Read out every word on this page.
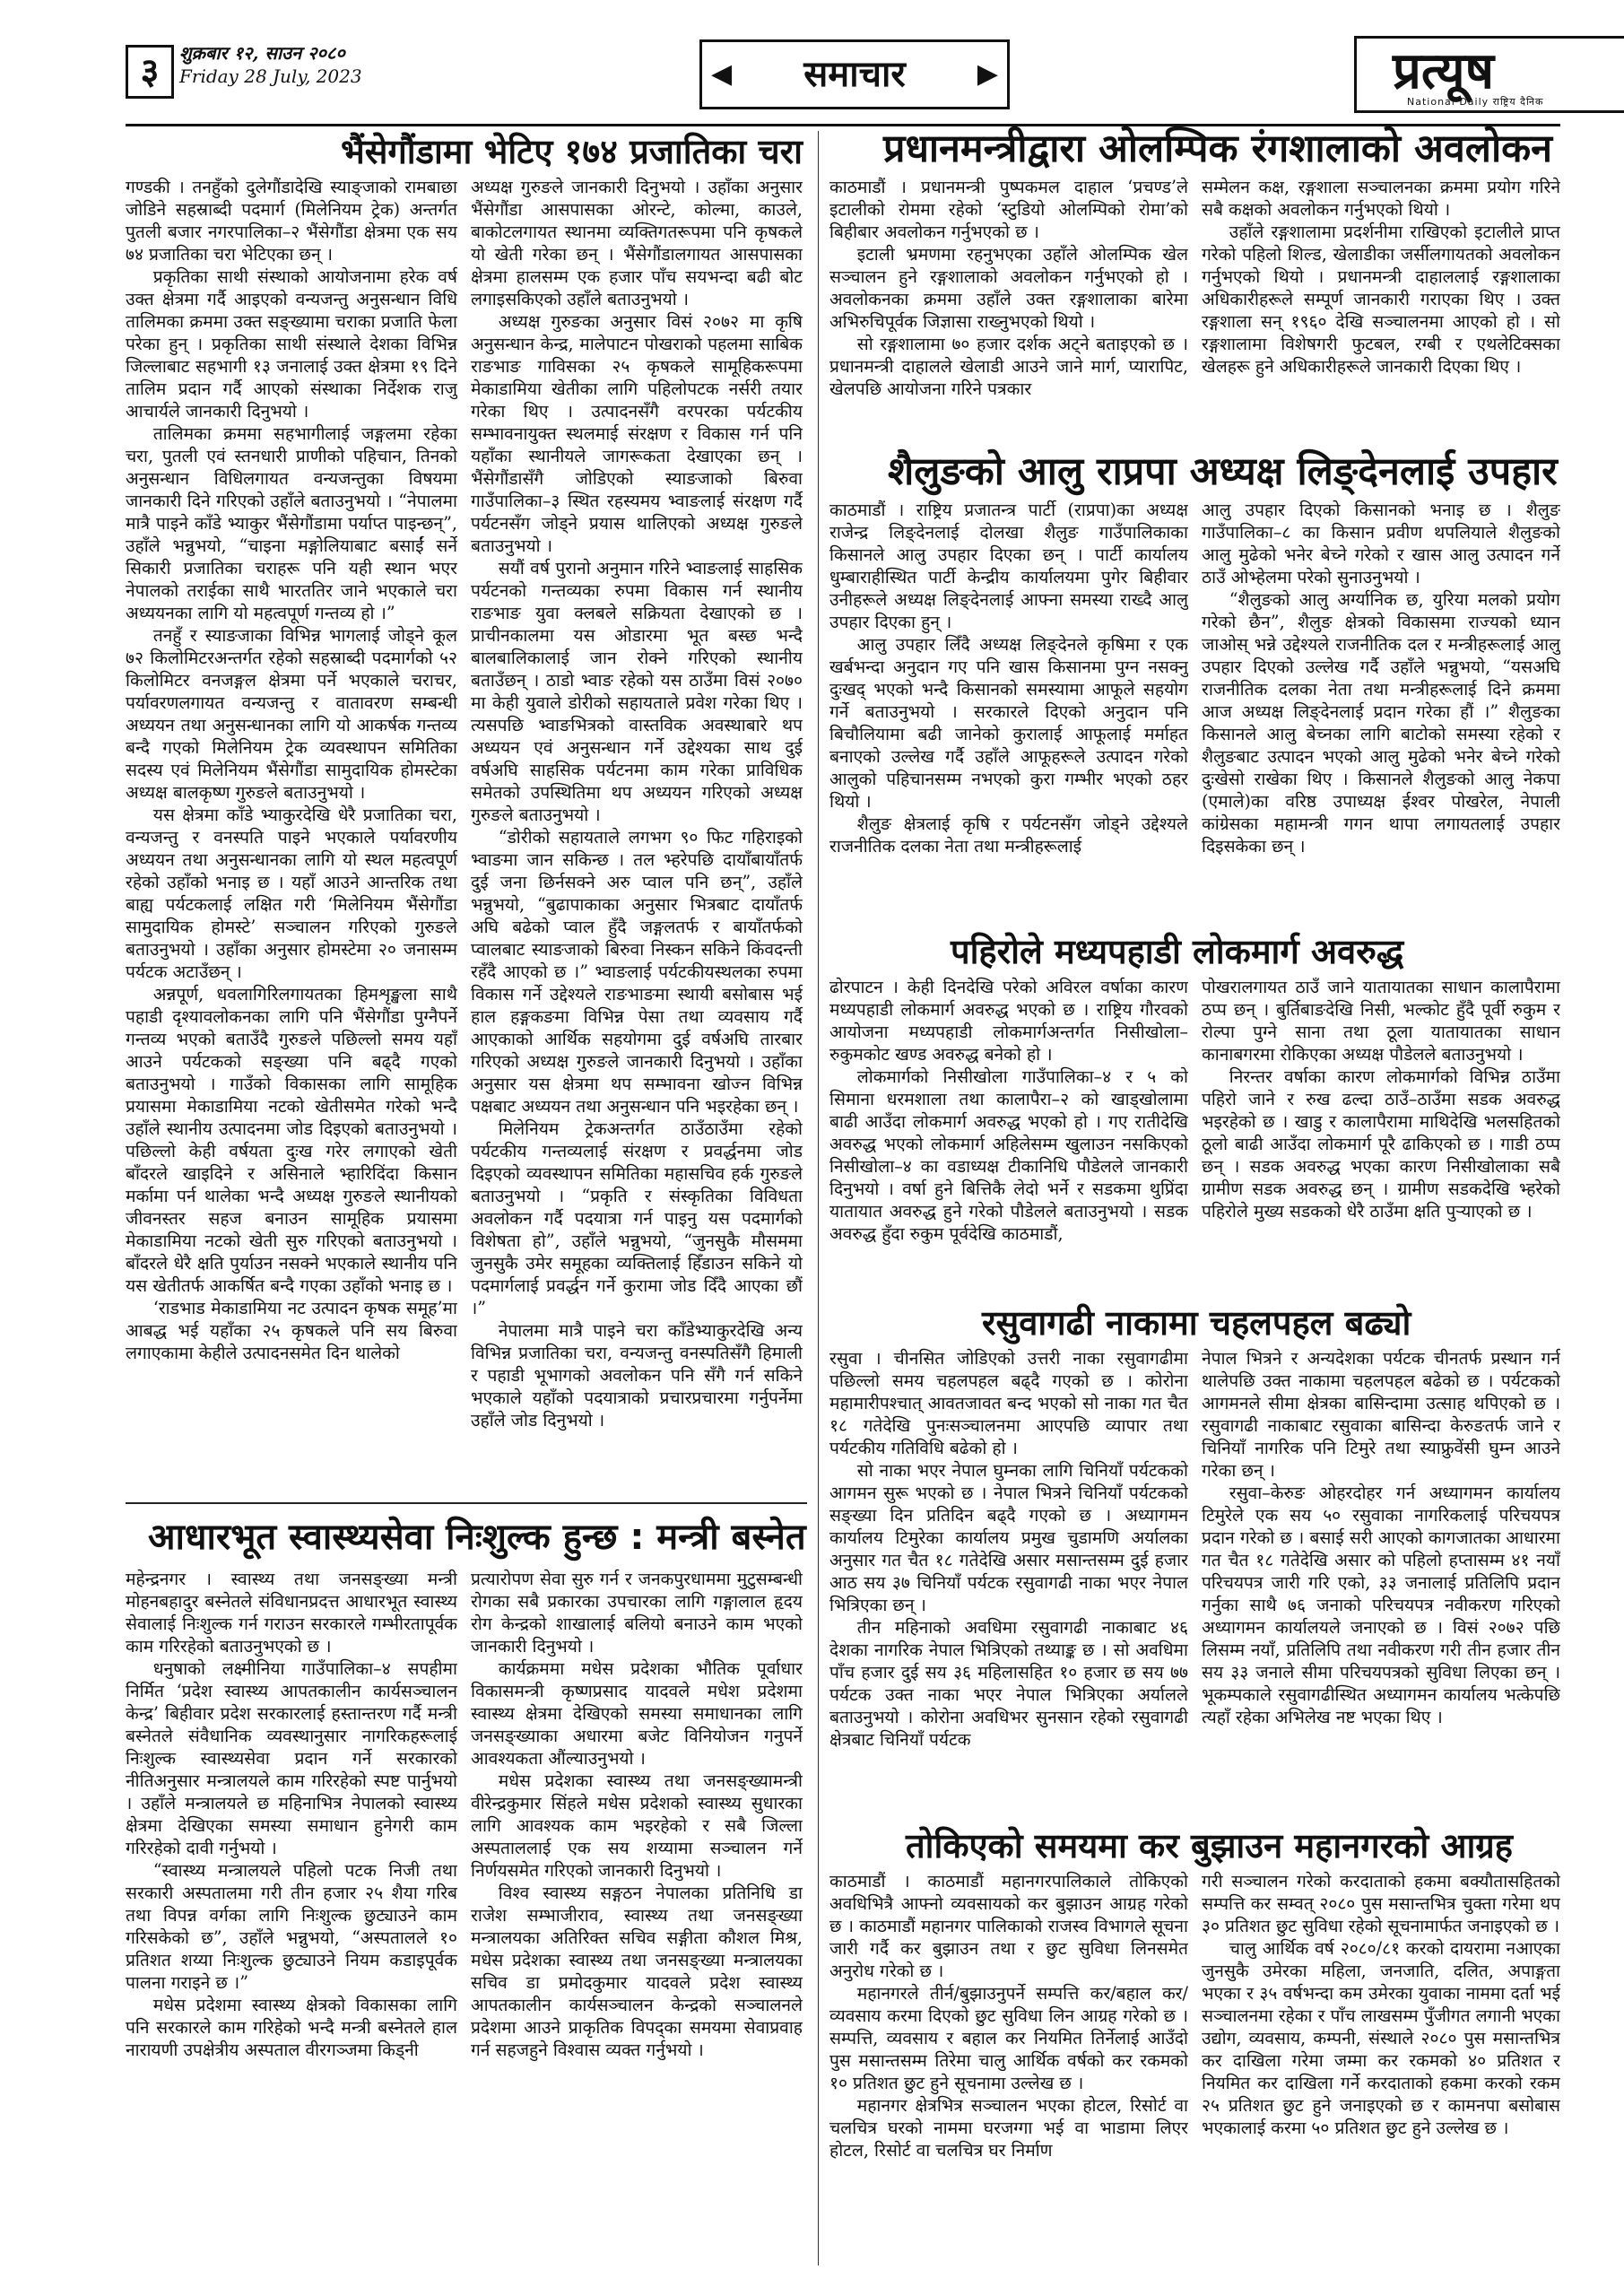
३	शुक्रबार १२, साउन २०८०
Friday 28 July, 2023	◀ समाचार	▶	प्रत्यूष
National Daily राष्ट्रिय दैनिक
भैंसेगौंडामा भेटिए १७४ प्रजातिका चरा

गण्डकी । तनहुँको दुलेगौंडादेखि स्याङ्जाको रामबाछा जोडिने सहस्राब्दी पदमार्ग (मिलेनियम ट्रेक) अन्तर्गत पुतली बजार नगरपालिका–२ भैंसेगौंडा क्षेत्रमा एक सय ७४ प्रजातिका चरा भेटिएका छन् ।
प्रकृतिका साथी संस्थाको आयोजनामा हरेक वर्ष उक्त क्षेत्रमा गर्दै आइएको वन्यजन्तु अनुसन्धान विधि तालिमका क्रममा उक्त सङ्ख्यामा चराका प्रजाति फेला परेका हुन् । प्रकृतिका साथी संस्थाले देशका विभिन्न जिल्लाबाट सहभागी १३ जनालाई उक्त क्षेत्रमा १९ दिने तालिम प्रदान गर्दै आएको संस्थाका निर्देशक राजु आचार्यले जानकारी दिनुभयो ।
तालिमका क्रममा सहभागीलाई जङ्गलमा रहेका चरा, पुतली एवं स्तनधारी प्राणीको पहिचान, तिनको अनुसन्धान विधिलगायत वन्यजन्तुका विषयमा जानकारी दिने गरिएको उहाँले बताउनुभयो । “नेपालमा मात्रै पाइने काँडे भ्याकुर भैंसेगौंडामा पर्याप्त पाइन्छन्”, उहाँले भन्नुभयो, “चाइना मङ्गोलियाबाट बसाईं सर्ने सिकारी प्रजातिका चराहरू पनि यही स्थान भएर नेपालको तराईका साथै भारततिर जाने भएकाले चरा अध्ययनका लागि यो महत्वपूर्ण गन्तव्य हो ।”
तनहुँ र स्याङजाका विभिन्न भागलाई जोड्ने कूल ७२ किलोमिटरअन्तर्गत रहेको सहस्राब्दी पदमार्गको ५२ किलोमिटर वनजङ्गल क्षेत्रमा पर्ने भएकाले चराचर, पर्यावरणलगायत वन्यजन्तु र वातावरण सम्बन्धी अध्ययन तथा अनुसन्धानका लागि यो आकर्षक गन्तव्य बन्दै गएको मिलेनियम ट्रेक व्यवस्थापन समितिका सदस्य एवं मिलेनियम भैंसेगौंडा सामुदायिक होमस्टेका अध्यक्ष बालकृष्ण गुरुङले बताउनुभयो ।
यस क्षेत्रमा काँडे भ्याकुरदेखि धेरै प्रजातिका चरा, वन्यजन्तु र वनस्पति पाइने भएकाले पर्यावरणीय अध्ययन तथा अनुसन्धानका लागि यो स्थल महत्वपूर्ण रहेको उहाँको भनाइ छ । यहाँ आउने आन्तरिक तथा बाह्य पर्यटकलाई लक्षित गरी ‘मिलेनियम भैंसेगौंडा सामुदायिक होमस्टे’ सञ्चालन गरिएको गुरुङले बताउनुभयो । उहाँका अनुसार होमस्टेमा २० जनासम्म पर्यटक अटाउँछन् ।
अन्नपूर्ण, धवलागिरिलगायतका हिमशृङ्खला साथै पहाडी दृश्यावलोकनका लागि पनि भैंसेगौंडा पुग्नैपर्ने गन्तव्य भएको बताउँदै गुरुङले पछिल्लो समय यहाँ आउने पर्यटकको सङ्ख्या पनि बढ्दै गएको बताउनुभयो । गाउँको विकासका लागि सामूहिक प्रयासमा मेकाडामिया नटको खेतीसमेत गरेको भन्दै उहाँले स्थानीय उत्पादनमा जोड दिइएको बताउनुभयो । पछिल्लो केही वर्षयता दुःख गरेर लगाएको खेती बाँदरले खाइदिने र असिनाले भ्हारिदिंदा किसान मर्कामा पर्न थालेका भन्दै अध्यक्ष गुरुङले स्थानीयको जीवनस्तर सहज बनाउन सामूहिक प्रयासमा मेकाडामिया नटको खेती सुरु गरिएको बताउनुभयो । बाँदरले धेरै क्षति पुर्याउन नसक्ने भएकाले स्थानीय पनि यस खेतीतर्फ आकर्षित बन्दै गएका उहाँको भनाइ छ ।
‘राडभाड मेकाडामिया नट उत्पादन कृषक समूह’मा आबद्ध भई यहाँका २५ कृषकले पनि सय बिरुवा लगाएकामा केहीले उत्पादनसमेत दिन थालेको

अध्यक्ष गुरुङले जानकारी दिनुभयो । उहाँका अनुसार भैंसेगौंडा आसपासका ओरन्टे, कोल्मा, काउले, बाकोटलगायत स्थानमा व्यक्तिगतरूपमा पनि कृषकले यो खेती गरेका छन् । भैंसेगौंडालगायत आसपासका क्षेत्रमा हालसम्म एक हजार पाँच सयभन्दा बढी बोट लगाइसकिएको उहाँले बताउनुभयो ।
अध्यक्ष गुरुङका अनुसार विसं २०७२ मा कृषि अनुसन्धान केन्द्र, मालेपाटन पोखराको पहलमा साबिक राङभाङ गाविसका २५ कृषकले सामूहिकरूपमा मेकाडामिया खेतीका लागि पहिलोपटक नर्सरी तयार गरेका थिए । उत्पादनसँगै वरपरका पर्यटकीय सम्भावनायुक्त स्थलमाई संरक्षण र विकास गर्न पनि यहाँका स्थानीयले जागरूकता देखाएका छन् । भैंसेगौंडासँगै जोडिएको स्याङजाको बिरुवा गाउँपालिका–३ स्थित रहस्यमय भ्वाङलाई संरक्षण गर्दै पर्यटनसँग जोड्ने प्रयास थालिएको अध्यक्ष गुरुङले बताउनुभयो ।
सयौं वर्ष पुरानो अनुमान गरिने भ्वाङलाई साहसिक पर्यटनको गन्तव्यका रुपमा विकास गर्न स्थानीय राङभाङ युवा क्लबले सक्रियता देखाएको छ । प्राचीनकालमा यस ओडारमा भूत बस्छ भन्दै बालबालिकालाई जान रोक्ने गरिएको स्थानीय बताउँछन् । ठाडो भ्वाङ रहेको यस ठाउँमा विसं २०७० मा केही युवाले डोरीको सहायताले प्रवेश गरेका थिए । त्यसपछि भ्वाङभित्रको वास्तविक अवस्थाबारे थप अध्ययन एवं अनुसन्धान गर्ने उद्देश्यका साथ दुई वर्षअघि साहसिक पर्यटनमा काम गरेका प्राविधिक समेतको उपस्थितिमा थप अध्ययन गरिएको अध्यक्ष गुरुङले बताउनुभयो ।
“डोरीको सहायताले लगभग ९० फिट गहिराइको भ्वाङमा जान सकिन्छ । तल भ्हरेपछि दायाँबायाँतर्फ दुई जना छिर्नसक्ने अरु प्वाल पनि छन्”, उहाँले भन्नुभयो, “बुढापाकाका अनुसार भित्रबाट दायाँतर्फ अघि बढेको प्वाल हुँदै जङ्गलतर्फ र बायाँतर्फको प्वालबाट स्याङजाको बिरुवा निस्कन सकिने किंवदन्ती रहँदै आएको छ ।” भ्वाङलाई पर्यटकीयस्थलका रुपमा विकास गर्ने उद्देश्यले राङभाङमा स्थायी बसोबास भई हाल हङ्गकङमा विभिन्न पेसा तथा व्यवसाय गर्दै आएकाको आर्थिक सहयोगमा दुई वर्षअघि तारबार गरिएको अध्यक्ष गुरुङले जानकारी दिनुभयो । उहाँका अनुसार यस क्षेत्रमा थप सम्भावना खोज्न विभिन्न पक्षबाट अध्ययन तथा अनुसन्धान पनि भइरहेका छन् ।
मिलेनियम ट्रेकअन्तर्गत ठाउँठाउँमा रहेको पर्यटकीय गन्तव्यलाई संरक्षण र प्रवर्द्धनमा जोड दिइएको व्यवस्थापन समितिका महासचिव हर्क गुरुङले बताउनुभयो । “प्रकृति र संस्कृतिका विविधता अवलोकन गर्दै पदयात्रा गर्न पाइनु यस पदमार्गको विशेषता हो”, उहाँले भन्नुभयो, “जुनसुकै मौसममा जुनसुकै उमेर समूहका व्यक्तिलाई हिँडाउन सकिने यो पदमार्गलाई प्रवर्द्धन गर्ने कुरामा जोड दिँदै आएका छौं ।”
नेपालमा मात्रै पाइने चरा काँडेभ्याकुरदेखि अन्य विभिन्न प्रजातिका चरा, वन्यजन्तु वनस्पतिसँगै हिमाली र पहाडी भूभागको अवलोकन पनि सँगै गर्न सकिने भएकाले यहाँको पदयात्राको प्रचारप्रचारमा गर्नुपर्नेमा उहाँले जोड दिनुभयो ।

आधारभूत स्वास्थ्यसेवा निःशुल्क हुन्छ : मन्त्री बस्नेत

महेन्द्रनगर । स्वास्थ्य तथा जनसङ्ख्या मन्त्री मोहनबहादुर बस्नेतले संविधानप्रदत्त आधारभूत स्वास्थ्य सेवालाई निःशुल्क गर्न गराउन सरकारले गम्भीरतापूर्वक काम गरिरहेको बताउनुभएको छ ।
धनुषाको लक्ष्मीनिया गाउँपालिका–४ सपहीमा निर्मित ‘प्रदेश स्वास्थ्य आपतकालीन कार्यसञ्चालन केन्द्र’ बिहीवार प्रदेश सरकारलाई हस्तान्तरण गर्दै मन्त्री बस्नेतले संवैधानिक व्यवस्थानुसार नागरिकहरूलाई निःशुल्क स्वास्थ्यसेवा प्रदान गर्ने सरकारको नीतिअनुसार मन्त्रालयले काम गरिरहेको स्पष्ट पार्नुभयो । उहाँले मन्त्रालयले छ महिनाभित्र नेपालको स्वास्थ्य क्षेत्रमा देखिएका समस्या समाधान हुनेगरी काम गरिरहेको दावी गर्नुभयो ।
“स्वास्थ्य मन्त्रालयले पहिलो पटक निजी तथा सरकारी अस्पतालमा गरी तीन हजार २५ शैया गरिब तथा विपन्न वर्गका लागि निःशुल्क छुट्याउने काम गरिसकेको छ”, उहाँले भन्नुभयो, “अस्पतालले १० प्रतिशत शय्या निःशुल्क छुट्याउने नियम कडाइपूर्वक पालना गराइने छ ।”
मधेस प्रदेशमा स्वास्थ्य क्षेत्रको विकासका लागि पनि सरकारले काम गरिहेको भन्दै मन्त्री बस्नेतले हाल नारायणी उपक्षेत्रीय अस्पताल वीरगञ्जमा किड्नी

प्रत्यारोपण सेवा सुरु गर्न र जनकपुरधाममा मुटुसम्बन्धी रोगका सबै प्रकारका उपचारका लागि गङ्गालाल हृदय रोग केन्द्रको शाखालाई बलियो बनाउने काम भएको जानकारी दिनुभयो ।
कार्यक्रममा मधेस प्रदेशका भौतिक पूर्वाधार विकासमन्त्री कृष्णप्रसाद यादवले मधेश प्रदेशमा स्वास्थ्य क्षेत्रमा देखिएको समस्या समाधानका लागि जनसङ्ख्याका अधारमा बजेट विनियोजन गनुपर्ने आवश्यकता औंल्याउनुभयो ।
मधेस प्रदेशका स्वास्थ्य तथा जनसङ्ख्यामन्त्री वीरेन्द्रकुमार सिंहले मधेस प्रदेशको स्वास्थ्य सुधारका लागि आवश्यक काम भइरहेको र सबै जिल्ला अस्पताललाई एक सय शय्यामा सञ्चालन गर्ने निर्णयसमेत गरिएको जानकारी दिनुभयो ।
विश्व स्वास्थ्य सङ्गठन नेपालका प्रतिनिधि डा राजेश सम्भाजीराव, स्वास्थ्य तथा जनसङ्ख्या मन्त्रालयका अतिरिक्त सचिव सङ्गीता कौशल मिश्र, मधेस प्रदेशका स्वास्थ्य तथा जनसङ्ख्या मन्त्रालयका सचिव डा प्रमोदकुमार यादवले प्रदेश स्वास्थ्य आपतकालीन कार्यसञ्चालन केन्द्रको सञ्चालनले प्रदेशमा आउने प्राकृतिक विपद्का समयमा सेवाप्रवाह गर्न सहजहुने विश्वास व्यक्त गर्नुभयो ।

प्रधानमन्त्रीद्वारा ओलम्पिक रंगशालाको अवलोकन

काठमाडौं । प्रधानमन्त्री पुष्पकमल दाहाल ‘प्रचण्ड’ले इटालीको रोममा रहेको ‘स्टुडियो ओलम्पिको रोमा’को बिहीबार अवलोकन गर्नुभएको छ ।
इटाली भ्रमणमा रहनुभएका उहाँले ओलम्पिक खेल सञ्चालन हुने रङ्गशालाको अवलोकन गर्नुभएको हो । अवलोकनका क्रममा उहाँले उक्त रङ्गशालाका बारेमा अभिरुचिपूर्वक जिज्ञासा राख्नुभएको थियो ।
सो रङ्गशालामा ७० हजार दर्शक अट्ने बताइएको छ । प्रधानमन्त्री दाहालले खेलाडी आउने जाने मार्ग, प्यारापिट, खेलपछि आयोजना गरिने पत्रकार

सम्मेलन कक्ष, रङ्गशाला सञ्चालनका क्रममा प्रयोग गरिने सबै कक्षको अवलोकन गर्नुभएको थियो ।
उहाँले रङ्गशालामा प्रदर्शनीमा राखिएको इटालीले प्राप्त गरेको पहिलो शिल्ड, खेलाडीका जर्सीलगायतको अवलोकन गर्नुभएको थियो । प्रधानमन्त्री दाहाललाई रङ्गशालाका अधिकारीहरूले सम्पूर्ण जानकारी गराएका थिए । उक्त रङ्गशाला सन् १९६० देखि सञ्चालनमा आएको हो । सो रङ्गशालामा विशेषगरी फुटबल, रग्बी र एथलेटिक्सका खेलहरू हुने अधिकारीहरूले जानकारी दिएका थिए ।

शैलुङको आलु राप्रपा अध्यक्ष लिङ्देनलाई उपहार

काठमाडौं । राष्ट्रिय प्रजातन्त्र पार्टी (राप्रपा)का अध्यक्ष राजेन्द्र लिङ्देनलाई दोलखा शैलुङ गाउँपालिकाका किसानले आलु उपहार दिएका छन् । पार्टी कार्यालय धुम्बाराहीस्थित पार्टी केन्द्रीय कार्यालयमा पुगेर बिहीवार उनीहरूले अध्यक्ष लिङ्देनलाई आफ्ना समस्या राख्दै आलु उपहार दिएका हुन् ।
आलु उपहार लिँदै अध्यक्ष लिङ्देनले कृषिमा र एक खर्बभन्दा अनुदान गए पनि खास किसानमा पुग्न नसक्नु दुःखद् भएको भन्दै किसानको समस्यामा आफूले सहयोग गर्ने बताउनुभयो । सरकारले दिएको अनुदान पनि बिचौलियामा बढी जानेको कुरालाई आफूलाई मर्माहत बनाएको उल्लेख गर्दै उहाँले आफूहरूले उत्पादन गरेको आलुको पहिचानसम्म नभएको कुरा गम्भीर भएको ठहर थियो ।
शैलुङ क्षेत्रलाई कृषि र पर्यटनसँग जोड्ने उद्देश्यले राजनीतिक दलका नेता तथा मन्त्रीहरूलाई

आलु उपहार दिएको किसानको भनाइ छ । शैलुङ गाउँपालिका–८ का किसान प्रवीण थपलियाले शैलुङको आलु मुढेको भनेर बेच्ने गरेको र खास आलु उत्पादन गर्ने ठाउँ ओभ्हेलमा परेको सुनाउनुभयो ।
“शैलुङको आलु अर्ग्यानिक छ, युरिया मलको प्रयोग गरेको छैन”, शैलुङ क्षेत्रको विकासमा राज्यको ध्यान जाओस् भन्ने उद्देश्यले राजनीतिक दल र मन्त्रीहरूलाई आलु उपहार दिएको उल्लेख गर्दै उहाँले भन्नुभयो, “यसअघि राजनीतिक दलका नेता तथा मन्त्रीहरूलाई दिने क्रममा आज अध्यक्ष लिङ्देनलाई प्रदान गरेका हौं ।” शैलुङका किसानले आलु बेच्नका लागि बाटोको समस्या रहेको र शैलुङबाट उत्पादन भएको आलु मुढेको भनेर बेच्ने गरेको दुःखेसो राखेका थिए । किसानले शैलुङको आलु नेकपा (एमाले)का वरिष्ठ उपाध्यक्ष ईश्वर पोखरेल, नेपाली कांग्रेसका महामन्त्री गगन थापा लगायतलाई उपहार दिइसकेका छन् ।

पहिरोले मध्यपहाडी लोकमार्ग अवरुद्ध

ढोरपाटन । केही दिनदेखि परेको अविरल वर्षाका कारण मध्यपहाडी लोकमार्ग अवरुद्ध भएको छ । राष्ट्रिय गौरवको आयोजना मध्यपहाडी लोकमार्गअन्तर्गत निसीखोला–रुकुमकोट खण्ड अवरुद्ध बनेको हो ।
लोकमार्गको निसीखोला गाउँपालिका–४ र ५ को सिमाना धरमशाला तथा कालापैरा–२ को खाड्खोलामा बाढी आउँदा लोकमार्ग अवरुद्ध भएको हो । गए रातीदेखि अवरुद्ध भएको लोकमार्ग अहिलेसम्म खुलाउन नसकिएको निसीखोला–४ का वडाध्यक्ष टीकानिधि पौडेलले जानकारी दिनुभयो । वर्षा हुने बित्तिकै लेदो भर्ने र सडकमा थुप्रिंदा यातायात अवरुद्ध हुने गरेको पौडेलले बताउनुभयो । सडक अवरुद्ध हुँदा रुकुम पूर्वदेखि काठमाडौं,

पोखरालगायत ठाउँ जाने यातायातका साधान कालापैरामा ठप्प छन् । बुर्तिबाङदेखि निसी, भल्कोट हुँदै पूर्वी रुकुम र रोल्पा पुग्ने साना तथा ठूला यातायातका साधान कानाबगरमा रोकिएका अध्यक्ष पौडेलले बताउनुभयो ।
निरन्तर वर्षाका कारण लोकमार्गको विभिन्न ठाउँमा पहिरो जाने र रुख ढल्दा ठाउँ–ठाउँमा सडक अवरुद्ध भइरहेको छ । खाडु र कालापैरामा माथिदेखि भलसहितको ठूलो बाढी आउँदा लोकमार्ग पूरै ढाकिएको छ । गाडी ठप्प छन् । सडक अवरुद्ध भएका कारण निसीखोलाका सबै ग्रामीण सडक अवरुद्ध छन् । ग्रामीण सडकदेखि भ्हरेको पहिरोले मुख्य सडकको धेरै ठाउँमा क्षति पुऱ्याएको छ ।

रसुवागढी नाकामा चहलपहल बढ्यो

रसुवा । चीनसित जोडिएको उत्तरी नाका रसुवागढीमा पछिल्लो समय चहलपहल बढ्दै गएको छ । कोरोना महामारीपश्चात् आवतजावत बन्द भएको सो नाका गत चैत १८ गतेदेखि पुनःसञ्चालनमा आएपछि व्यापार तथा पर्यटकीय गतिविधि बढेको हो ।
सो नाका भएर नेपाल घुम्नका लागि चिनियाँ पर्यटकको आगमन सुरू भएको छ । नेपाल भित्रने चिनियाँ पर्यटकको सङ्ख्या दिन प्रतिदिन बढ्दै गएको छ । अध्यागमन कार्यालय टिमुरेका कार्यालय प्रमुख चुडामणि अर्यालका अनुसार गत चैत १८ गतेदेखि असार मसान्तसम्म दुई हजार आठ सय ३७ चिनियाँ पर्यटक रसुवागढी नाका भएर नेपाल भित्रिएका छन् ।
तीन महिनाको अवधिमा रसुवागढी नाकाबाट ४६ देशका नागरिक नेपाल भित्रिएको तथ्याङ्क छ । सो अवधिमा पाँच हजार दुई सय ३६ महिलासहित १० हजार छ सय ७७ पर्यटक उक्त नाका भएर नेपाल भित्रिएका अर्यालले बताउनुभयो । कोरोना अवधिभर सुनसान रहेको रसुवागढी क्षेत्रबाट चिनियाँ पर्यटक

नेपाल भित्रने र अन्यदेशका पर्यटक चीनतर्फ प्रस्थान गर्न थालेपछि उक्त नाकामा चहलपहल बढेको छ । पर्यटकको आगमनले सीमा क्षेत्रका बासिन्दामा उत्साह थपिएको छ । रसुवागढी नाकाबाट रसुवाका बासिन्दा केरुङतर्फ जाने र चिनियाँ नागरिक पनि टिमुरे तथा स्याफ्रुवेंसी घुम्न आउने गरेका छन् ।
रसुवा–केरुङ ओहरदोहर गर्न अध्यागमन कार्यालय टिमुरेले एक सय ५० रसुवाका नागरिकलाई परिचयपत्र प्रदान गरेको छ । बसाई सरी आएको कागजातका आधारमा गत चैत १८ गतेदेखि असार को पहिलो हप्तासम्म ४१ नयाँ परिचयपत्र जारी गरि एको, ३३ जनालाई प्रतिलिपि प्रदान गर्नुका साथै ७६ जनाको परिचयपत्र नवीकरण गरिएको अध्यागमन कार्यालयले जनाएको छ । विसं २०७२ पछि लिसम्म नयाँ, प्रतिलिपि तथा नवीकरण गरी तीन हजार तीन सय ३३ जनाले सीमा परिचयपत्रको सुविधा लिएका छन् । भूकम्पकाले रसुवागढीस्थित अध्यागमन कार्यालय भत्केपछि त्यहाँ रहेका अभिलेख नष्ट भएका थिए ।

तोकिएको समयमा कर बुझाउन महानगरको आग्रह

काठमाडौं । काठमाडौं महानगरपालिकाले तोकिएको अवधिभित्रै आफ्नो व्यवसायको कर बुझाउन आग्रह गरेको छ । काठमाडौं महानगर पालिकाको राजस्व विभागले सूचना जारी गर्दै कर बुझाउन तथा र छुट सुविधा लिनसमेत अनुरोध गरेको छ ।
महानगरले तीर्न/बुझाउनुपर्ने सम्पत्ति कर/बहाल कर/व्यवसाय करमा दिएको छुट सुविधा लिन आग्रह गरेको छ । सम्पत्ति, व्यवसाय र बहाल कर नियमित तिर्नेलाई आउँदो पुस मसान्तसम्म तिरेमा चालु आर्थिक वर्षको कर रकमको १० प्रतिशत छुट हुने सूचनामा उल्लेख छ ।
महानगर क्षेत्रभित्र सञ्चालन भएका होटल, रिसोर्ट वा चलचित्र घरको नाममा घरजग्गा भई वा भाडामा लिएर होटल, रिसोर्ट वा चलचित्र घर निर्माण

गरी सञ्चालन गरेको करदाताको हकमा बक्यौतासहितको सम्पत्ति कर सम्वत् २०८० पुस मसान्तभित्र चुक्ता गरेमा थप ३० प्रतिशत छुट सुविधा रहेको सूचनामार्फत जनाइएको छ ।
चालु आर्थिक वर्ष २०८०/८१ करको दायरामा नआएका जुनसुकै उमेरका महिला, जनजाति, दलित, अपाङ्गता भएका र ३५ वर्षभन्दा कम उमेरका युवाका नाममा दर्ता भई सञ्चालनमा रहेका र पाँच लाखसम्म पुँजीगत लगानी भएका उद्योग, व्यवसाय, कम्पनी, संस्थाले २०८० पुस मसान्तभित्र कर दाखिला गरेमा जम्मा कर रकमको ४० प्रतिशत र नियमित कर दाखिला गर्ने करदाताको हकमा करको रकम २५ प्रतिशत छुट हुने जनाइएको छ र कामनपा बसोबास भएकालाई करमा ५० प्रतिशत छुट हुने उल्लेख छ ।
